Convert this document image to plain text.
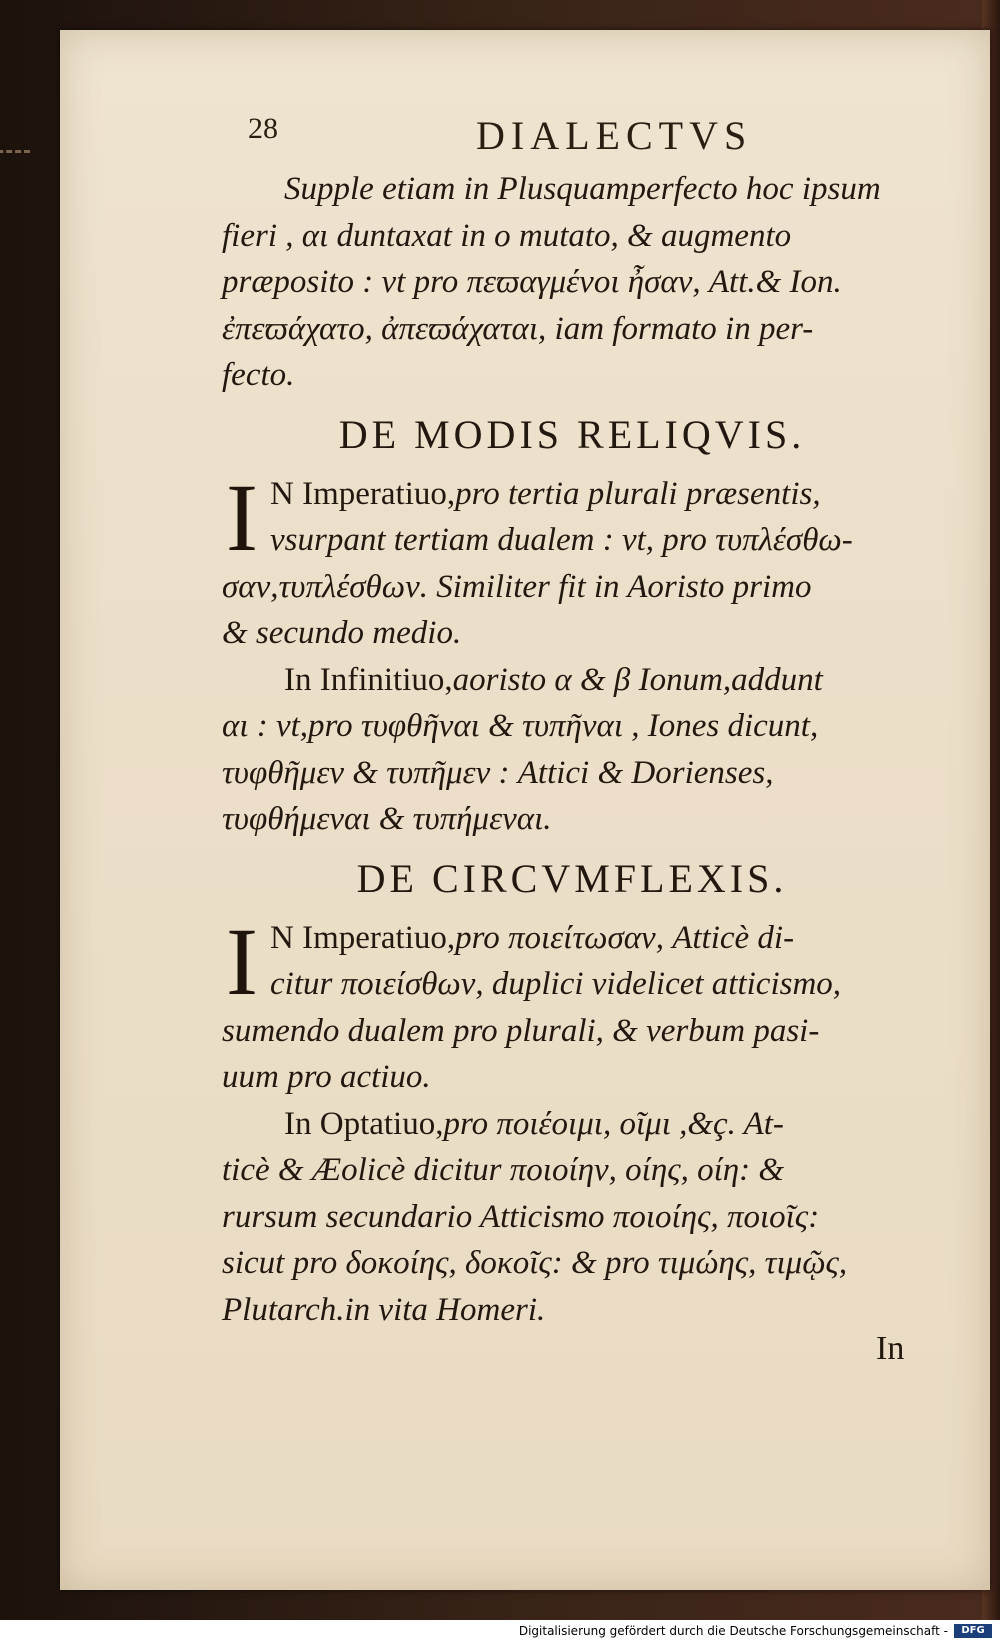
28	DIALECTVS
Supple etiam in Plusquamperfecto hoc ipsum
fieri , αι duntaxat in ο mutato, & augmento
præposito : vt pro πεϖαγμένοι ἦσαν, Att.& Ion.
ἐπεϖάχατο, ἀπεϖάχαται, iam formato in per-
fecto.
DE MODIS RELIQVIS.
I N Imperatiuo,pro tertia plurali præsentis,
vsurpant tertiam dualem : vt, pro τυπλέσθω-
σαν,τυπλέσθων. Similiter fit in Aoristo primo
& secundo medio.
In Infinitiuo,aoristo α & β Ionum,addunt
αι : vt,pro τυφθῆναι & τυπῆναι , Iones dicunt,
τυφθῆμεν & τυπῆμεν : Attici & Dorienses,
τυφθήμεναι & τυπήμεναι.
DE CIRCVMFLEXIS.
I N Imperatiuo,pro ποιείτωσαν, Atticè di-
citur ποιείσθων, duplici videlicet atticismo,
sumendo dualem pro plurali, & verbum pasi-
uum pro actiuo.
In Optatiuo,pro ποιέοιμι, οῖμι ,&ç. At-
ticè & Æolicè dicitur ποιοίην, οίης, οίη: &
rursum secundario Atticismo ποιοίης, ποιοῖς:
sicut pro δοκοίης, δοκοῖς: & pro τιμώης, τιμῷς,
Plutarch.in vita Homeri.
In
Digitalisierung gefördert durch die Deutsche Forschungsgemeinschaft -	DFG
